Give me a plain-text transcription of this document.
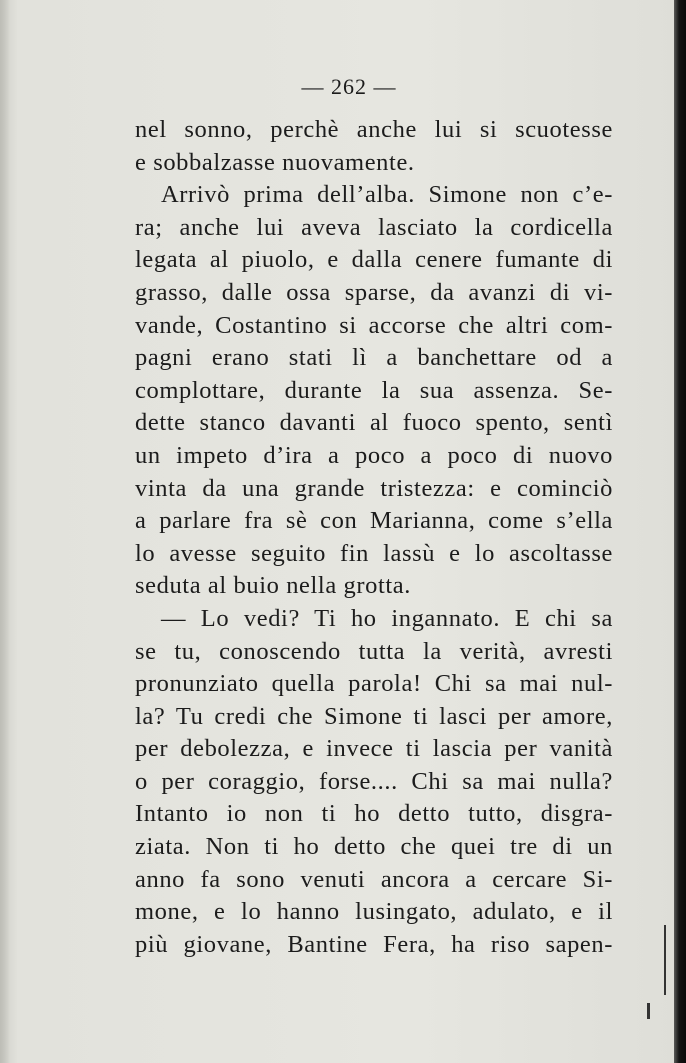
— 262 —
nel sonno, perchè anche lui si scuotesse
e sobbalzasse nuovamente.
Arrivò prima dell’alba. Simone non c’e-
ra; anche lui aveva lasciato la cordicella
legata al piuolo, e dalla cenere fumante di
grasso, dalle ossa sparse, da avanzi di vi-
vande, Costantino si accorse che altri com-
pagni erano stati lì a banchettare od a
complottare, durante la sua assenza. Se-
dette stanco davanti al fuoco spento, sentì
un impeto d’ira a poco a poco di nuovo
vinta da una grande tristezza: e cominciò
a parlare fra sè con Marianna, come s’ella
lo avesse seguito fin lassù e lo ascoltasse
seduta al buio nella grotta.
— Lo vedi? Ti ho ingannato. E chi sa
se tu, conoscendo tutta la verità, avresti
pronunziato quella parola! Chi sa mai nul-
la? Tu credi che Simone ti lasci per amore,
per debolezza, e invece ti lascia per vanità
o per coraggio, forse.... Chi sa mai nulla?
Intanto io non ti ho detto tutto, disgra-
ziata. Non ti ho detto che quei tre di un
anno fa sono venuti ancora a cercare Si-
mone, e lo hanno lusingato, adulato, e il
più giovane, Bantine Fera, ha riso sapen-
